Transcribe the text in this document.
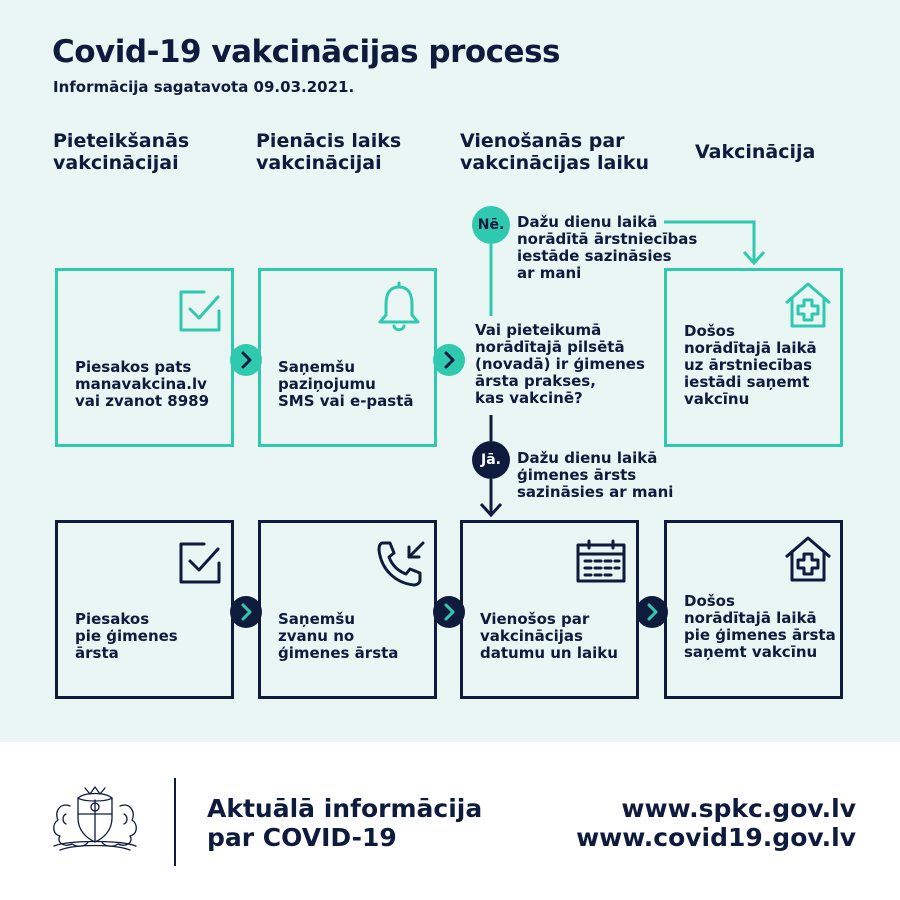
Covid-19 vakcinācijas process
Informācija sagatavota 09.03.2021.
Pieteikšanās
vakcinācijai
Pienācis laiks
vakcinācijai
Vienošanās par
vakcinācijas laiku Vakcinācija
Piesakos pats
manavakcina.lv
vai zvanot 8989
Saņemšu
paziņojumu
SMS vai e-pastā
Došos
norādītajā laikā
uz ārstniecības
iestādi saņemt
vakcīnu
Nē. Dažu dienu laikā
norādītā ārstniecības
iestāde sazināsies
ar mani
Vai pieteikumā
norādītajā pilsētā
(novadā) ir ģimenes
ārsta prakses,
kas vakcinē?
Jā.	Dažu dienu laikā
ģimenes ārsts
sazināsies ar mani
Piesakos
pie ģimenes
ārsta
Saņemšu
zvanu no
ģimenes ārsta
Vienošos par
vakcinācijas
datumu un laiku
Došos
norādītajā laikā
pie ģimenes ārsta
saņemt vakcīnu
Aktuālā informācija
par COVID-19
www.spkc.gov.lv
www.covid19.gov.lv
